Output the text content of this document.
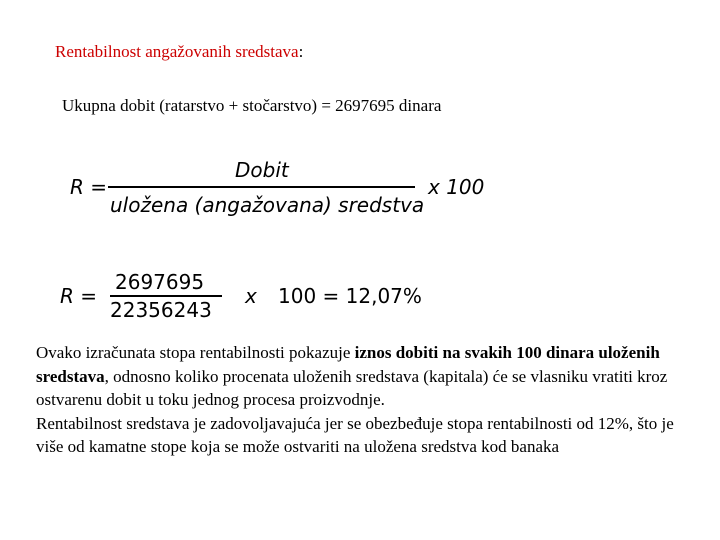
Rentabilnost angažovanih sredstava:
Ukupna dobit (ratarstvo + stočarstvo) = 2697695 dinara
R =
Dobit
uložena (angažovana) sredstva
x 100
R =
2697695
22356243
x 100 = 12,07%
Ovako izračunata stopa rentabilnosti pokazuje iznos dobiti na svakih 100 dinara uloženih sredstava, odnosno koliko procenata uloženih sredstava (kapitala) će se vlasniku vratiti kroz ostvarenu dobit u toku jednog procesa proizvodnje.
Rentabilnost sredstava je zadovoljavajuća jer se obezbeđuje stopa rentabilnosti od 12%, što je više od kamatne stope koja se može ostvariti na uložena sredstva kod banaka
